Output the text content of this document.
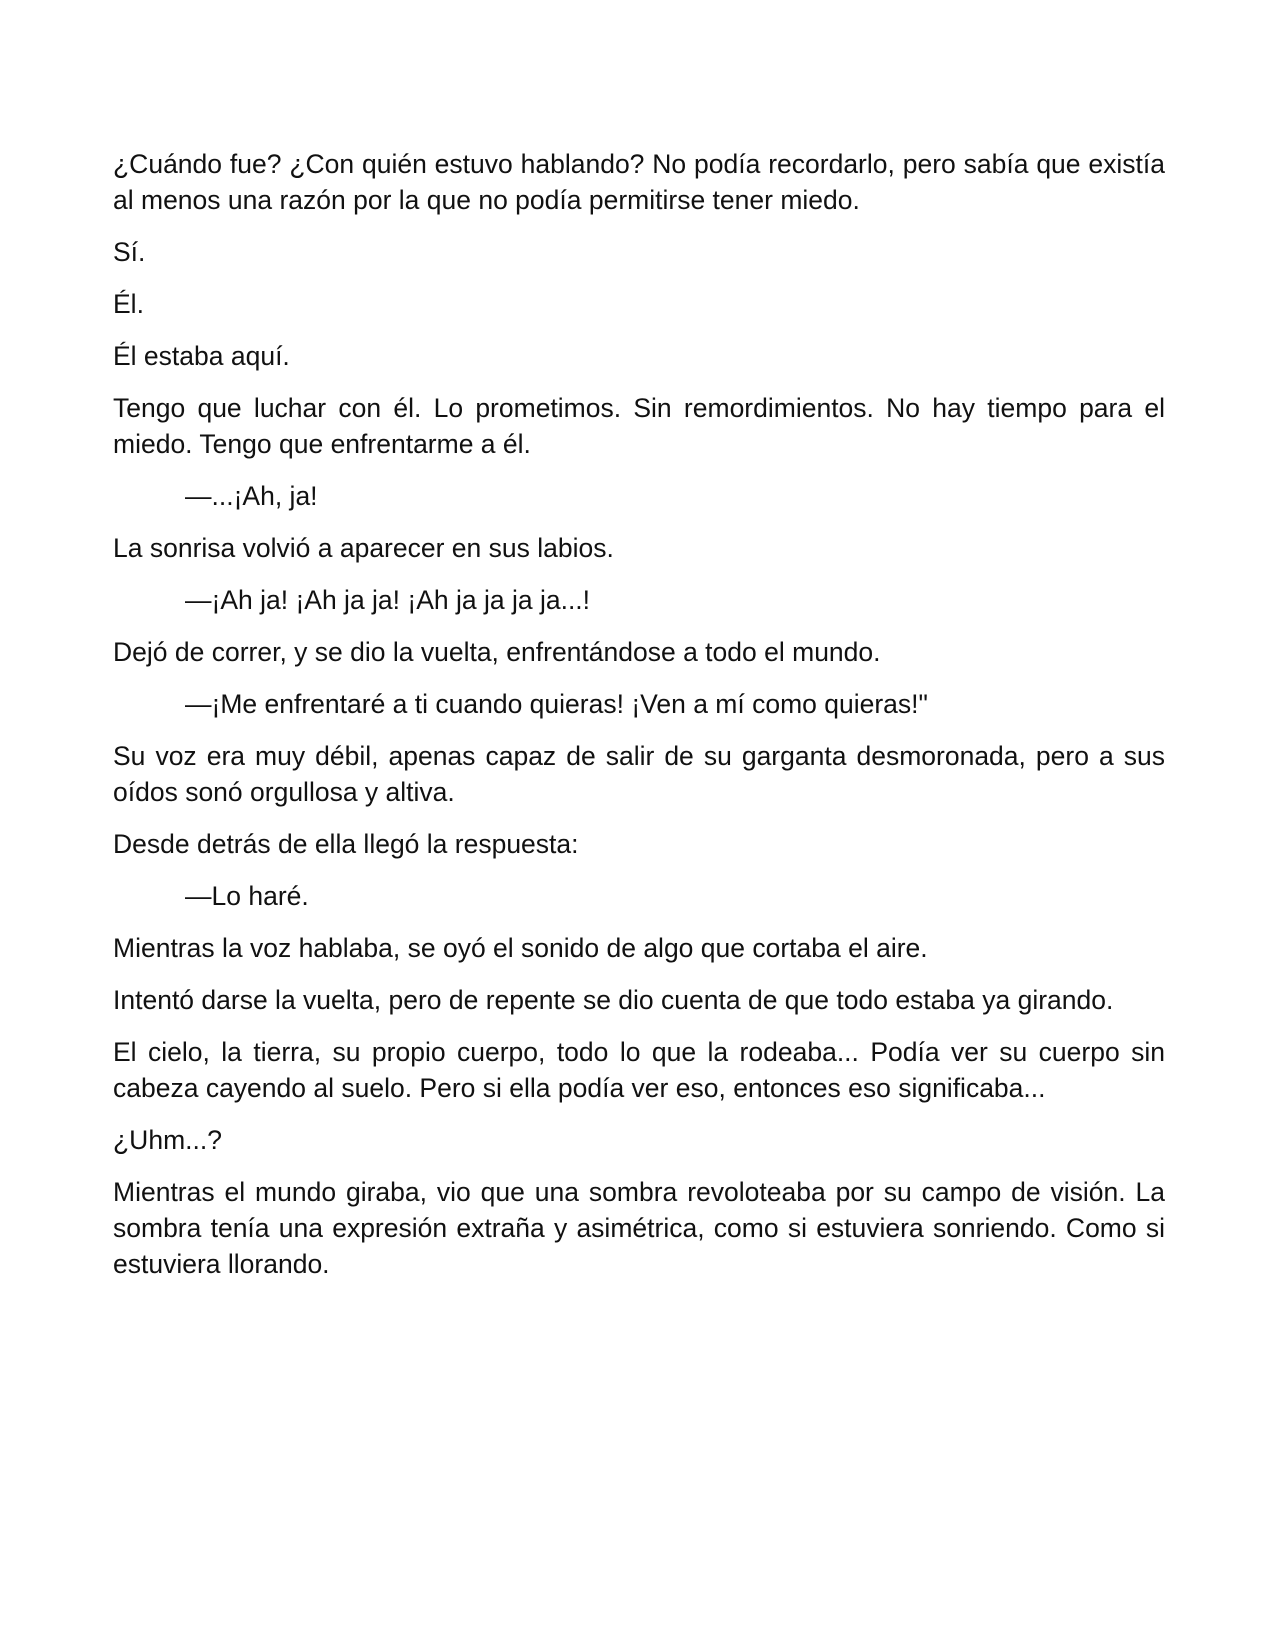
¿Cuándo fue? ¿Con quién estuvo hablando? No podía recordarlo, pero sabía que existía al menos una razón por la que no podía permitirse tener miedo.

Sí.

Él.

Él estaba aquí.

Tengo que luchar con él. Lo prometimos. Sin remordimientos. No hay tiempo para el miedo. Tengo que enfrentarme a él.

—...¡Ah, ja!

La sonrisa volvió a aparecer en sus labios.

—¡Ah ja! ¡Ah ja ja! ¡Ah ja ja ja ja...!

Dejó de correr, y se dio la vuelta, enfrentándose a todo el mundo.

—¡Me enfrentaré a ti cuando quieras! ¡Ven a mí como quieras!"

Su voz era muy débil, apenas capaz de salir de su garganta desmoronada, pero a sus oídos sonó orgullosa y altiva.

Desde detrás de ella llegó la respuesta:

—Lo haré.

Mientras la voz hablaba, se oyó el sonido de algo que cortaba el aire.

Intentó darse la vuelta, pero de repente se dio cuenta de que todo estaba ya girando.

El cielo, la tierra, su propio cuerpo, todo lo que la rodeaba... Podía ver su cuerpo sin cabeza cayendo al suelo. Pero si ella podía ver eso, entonces eso significaba...

¿Uhm...?

Mientras el mundo giraba, vio que una sombra revoloteaba por su campo de visión. La sombra tenía una expresión extraña y asimétrica, como si estuviera sonriendo. Como si estuviera llorando.
